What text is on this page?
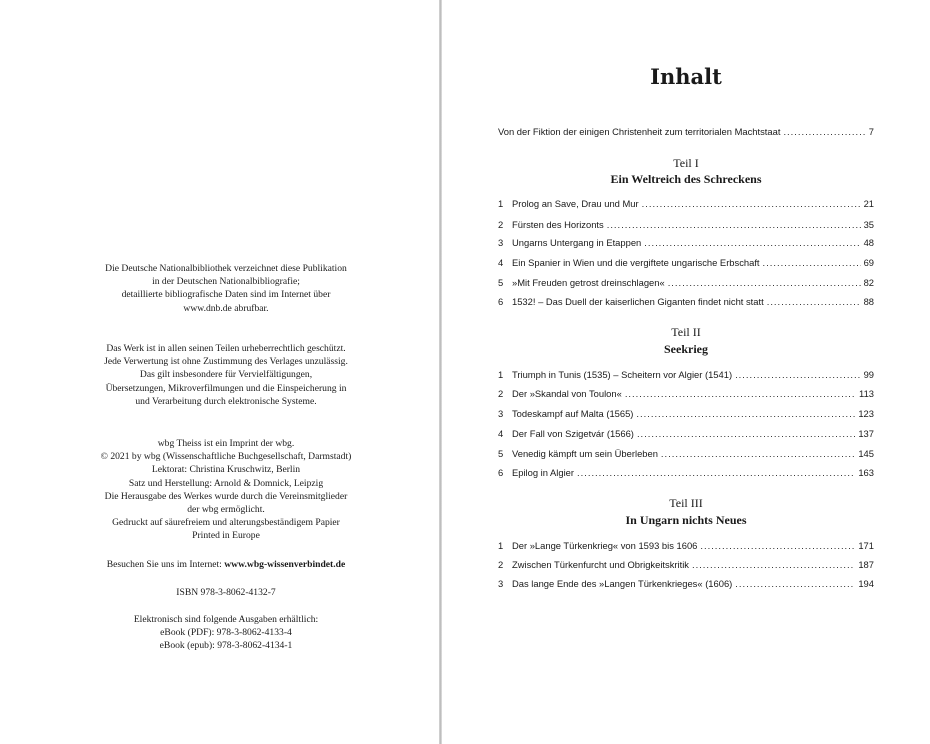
Die Deutsche Nationalbibliothek verzeichnet diese Publikation

in der Deutschen Nationalbibliografie;

detaillierte bibliografische Daten sind im Internet über

www.dnb.de abrufbar.

Das Werk ist in allen seinen Teilen urheberrechtlich geschützt.

Jede Verwertung ist ohne Zustimmung des Verlages unzulässig.

Das gilt insbesondere für Vervielfältigungen,

Übersetzungen, Mikroverfilmungen und die Einspeicherung in

und Verarbeitung durch elektronische Systeme.

wbg Theiss ist ein Imprint der wbg.

© 2021 by wbg (Wissenschaftliche Buchgesellschaft, Darmstadt)

Lektorat: Christina Kruschwitz, Berlin

Satz und Herstellung: Arnold & Domnick, Leipzig

Die Herausgabe des Werkes wurde durch die Vereinsmitglieder

der wbg ermöglicht.

Gedruckt auf säurefreiem und alterungsbeständigem Papier

Printed in Europe

Besuchen Sie uns im Internet: www.wbg-wissenverbindet.de

ISBN 978-3-8062-4132-7

Elektronisch sind folgende Ausgaben erhältlich:

eBook (PDF): 978-3-8062-4133-4

eBook (epub): 978-3-8062-4134-1

Inhalt
Von der Fiktion der einigen Christenheit zum territorialen Machtstaat .....	7

Teil I

Ein Weltreich des Schreckens

1 Prolog an Save, Drau und Mur .....	21
2 Fürsten des Horizonts .....	35
3 Ungarns Untergang in Etappen .....	48
4 Ein Spanier in Wien und die vergiftete ungarische Erbschaft .....	69
5 »Mit Freuden getrost dreinschlagen« .....	82
6 1532! – Das Duell der kaiserlichen Giganten findet nicht statt .....	88

Teil II

Seekrieg

1 Triumph in Tunis (1535) – Scheitern vor Algier (1541) .....	99
2 Der »Skandal von Toulon« .....	113
3 Todeskampf auf Malta (1565) .....	123
4 Der Fall von Szigetvár (1566) .....	137
5 Venedig kämpft um sein Überleben .....	145
6 Epilog in Algier .....	163

Teil III

In Ungarn nichts Neues

1 Der »Lange Türkenkrieg« von 1593 bis 1606 .....	171
2 Zwischen Türkenfurcht und Obrigkeitskritik .....	187
3 Das lange Ende des »Langen Türkenkrieges« (1606) .....	194
